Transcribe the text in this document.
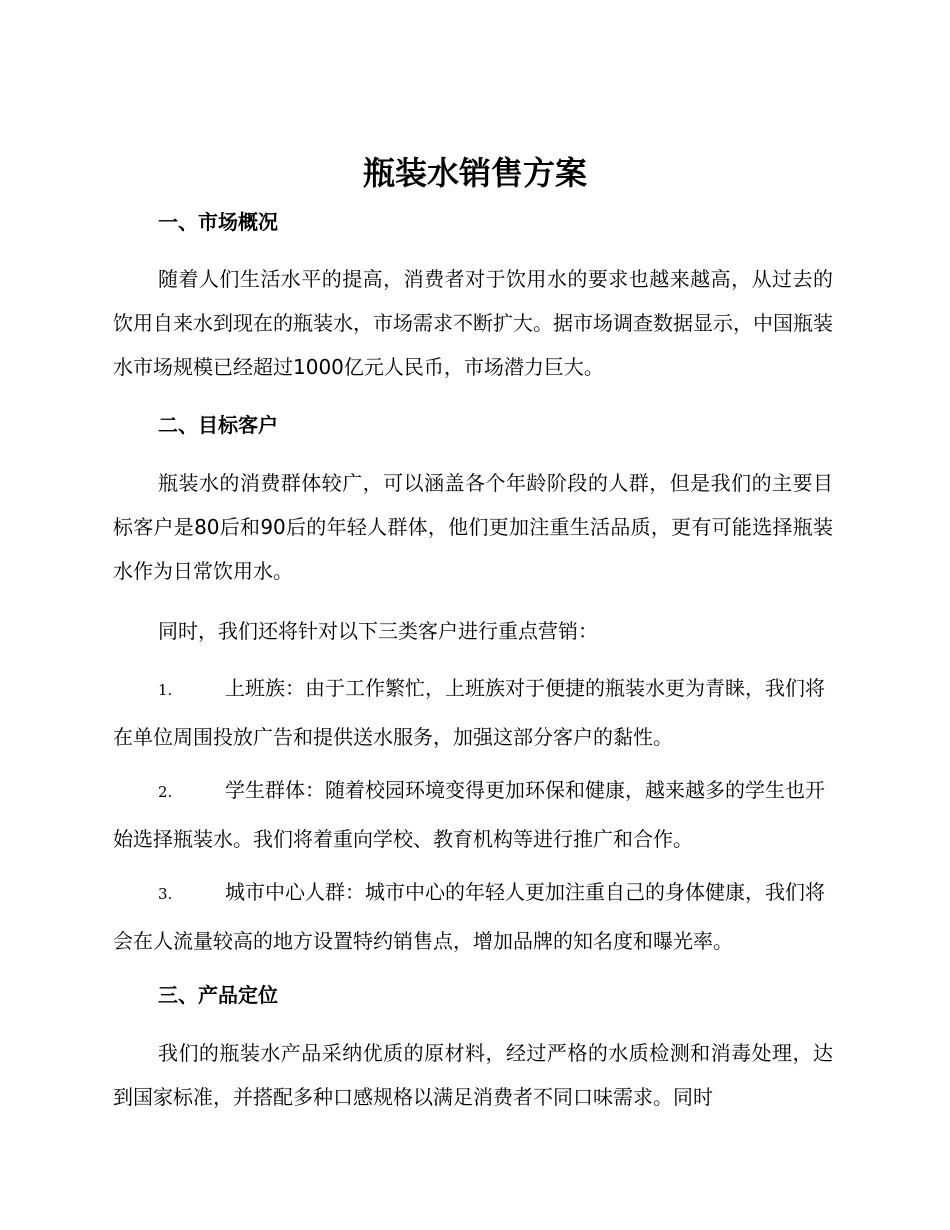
瓶装水销售方案
一、市场概况

随着人们生活水平的提高，消费者对于饮用水的要求也越来越高，从过去的饮用自来水到现在的瓶装水，市场需求不断扩大。据市场调查数据显示，中国瓶装水市场规模已经超过1000亿元人民币，市场潜力巨大。

二、目标客户

瓶装水的消费群体较广，可以涵盖各个年龄阶段的人群，但是我们的主要目标客户是80后和90后的年轻人群体，他们更加注重生活品质，更有可能选择瓶装水作为日常饮用水。

同时，我们还将针对以下三类客户进行重点营销：

1.	上班族：由于工作繁忙，上班族对于便捷的瓶装水更为青睐，我们将在单位周围投放广告和提供送水服务，加强这部分客户的黏性。

2.	学生群体：随着校园环境变得更加环保和健康，越来越多的学生也开始选择瓶装水。我们将着重向学校、教育机构等进行推广和合作。

3.	城市中心人群：城市中心的年轻人更加注重自己的身体健康，我们将会在人流量较高的地方设置特约销售点，增加品牌的知名度和曝光率。

三、产品定位

我们的瓶装水产品采纳优质的原材料，经过严格的水质检测和消毒处理，达到国家标准，并搭配多种口感规格以满足消费者不同口味需求。同时
